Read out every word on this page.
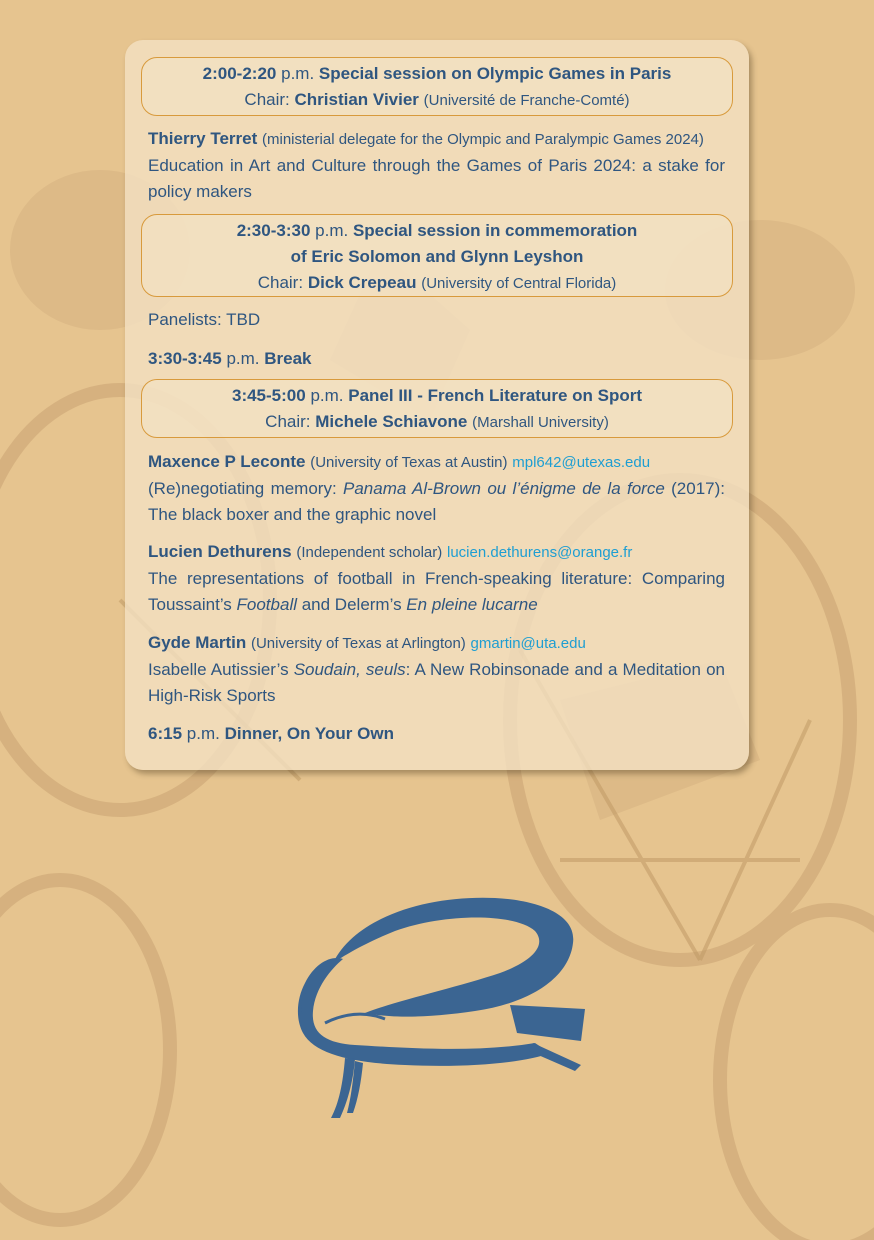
2:00-2:20 p.m. Special session on Olympic Games in Paris
Chair: Christian Vivier (Université de Franche-Comté)
Thierry Terret (ministerial delegate for the Olympic and Paralympic Games 2024)
Education in Art and Culture through the Games of Paris 2024: a stake for policy makers
2:30-3:30 p.m. Special session in commemoration
of Eric Solomon and Glynn Leyshon
Chair: Dick Crepeau (University of Central Florida)
Panelists: TBD
3:30-3:45 p.m. Break
3:45-5:00 p.m. Panel III - French Literature on Sport
Chair: Michele Schiavone (Marshall University)
Maxence P Leconte (University of Texas at Austin) mpl642@utexas.edu
(Re)negotiating memory: Panama Al-Brown ou l’énigme de la force (2017): The black boxer and the graphic novel
Lucien Dethurens (Independent scholar) lucien.dethurens@orange.fr
The representations of football in French-speaking literature: Comparing Toussaint’s Football and Delerm’s En pleine lucarne
Gyde Martin (University of Texas at Arlington) gmartin@uta.edu
Isabelle Autissier’s Soudain, seuls: A New Robinsonade and a Meditation on High-Risk Sports
6:15 p.m. Dinner, On Your Own
